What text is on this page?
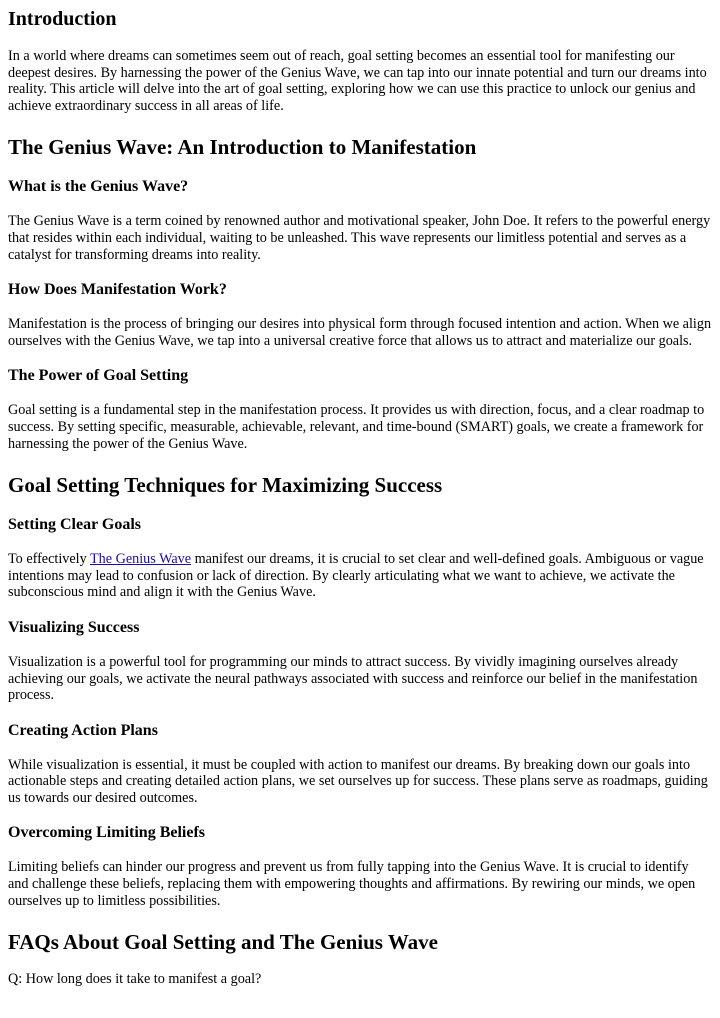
Introduction

In a world where dreams can sometimes seem out of reach, goal setting becomes an essential tool for manifesting our deepest desires. By harnessing the power of the Genius Wave, we can tap into our innate potential and turn our dreams into reality. This article will delve into the art of goal setting, exploring how we can use this practice to unlock our genius and achieve extraordinary success in all areas of life.

The Genius Wave: An Introduction to Manifestation
What is the Genius Wave?

The Genius Wave is a term coined by renowned author and motivational speaker, John Doe. It refers to the powerful energy that resides within each individual, waiting to be unleashed. This wave represents our limitless potential and serves as a catalyst for transforming dreams into reality.

How Does Manifestation Work?

Manifestation is the process of bringing our desires into physical form through focused intention and action. When we align ourselves with the Genius Wave, we tap into a universal creative force that allows us to attract and materialize our goals.

The Power of Goal Setting

Goal setting is a fundamental step in the manifestation process. It provides us with direction, focus, and a clear roadmap to success. By setting specific, measurable, achievable, relevant, and time-bound (SMART) goals, we create a framework for harnessing the power of the Genius Wave.

Goal Setting Techniques for Maximizing Success
Setting Clear Goals

To effectively The Genius Wave manifest our dreams, it is crucial to set clear and well-defined goals. Ambiguous or vague intentions may lead to confusion or lack of direction. By clearly articulating what we want to achieve, we activate the subconscious mind and align it with the Genius Wave.

Visualizing Success

Visualization is a powerful tool for programming our minds to attract success. By vividly imagining ourselves already achieving our goals, we activate the neural pathways associated with success and reinforce our belief in the manifestation process.

Creating Action Plans

While visualization is essential, it must be coupled with action to manifest our dreams. By breaking down our goals into actionable steps and creating detailed action plans, we set ourselves up for success. These plans serve as roadmaps, guiding us towards our desired outcomes.

Overcoming Limiting Beliefs

Limiting beliefs can hinder our progress and prevent us from fully tapping into the Genius Wave. It is crucial to identify and challenge these beliefs, replacing them with empowering thoughts and affirmations. By rewiring our minds, we open ourselves up to limitless possibilities.

FAQs About Goal Setting and The Genius Wave

Q: How long does it take to manifest a goal?
